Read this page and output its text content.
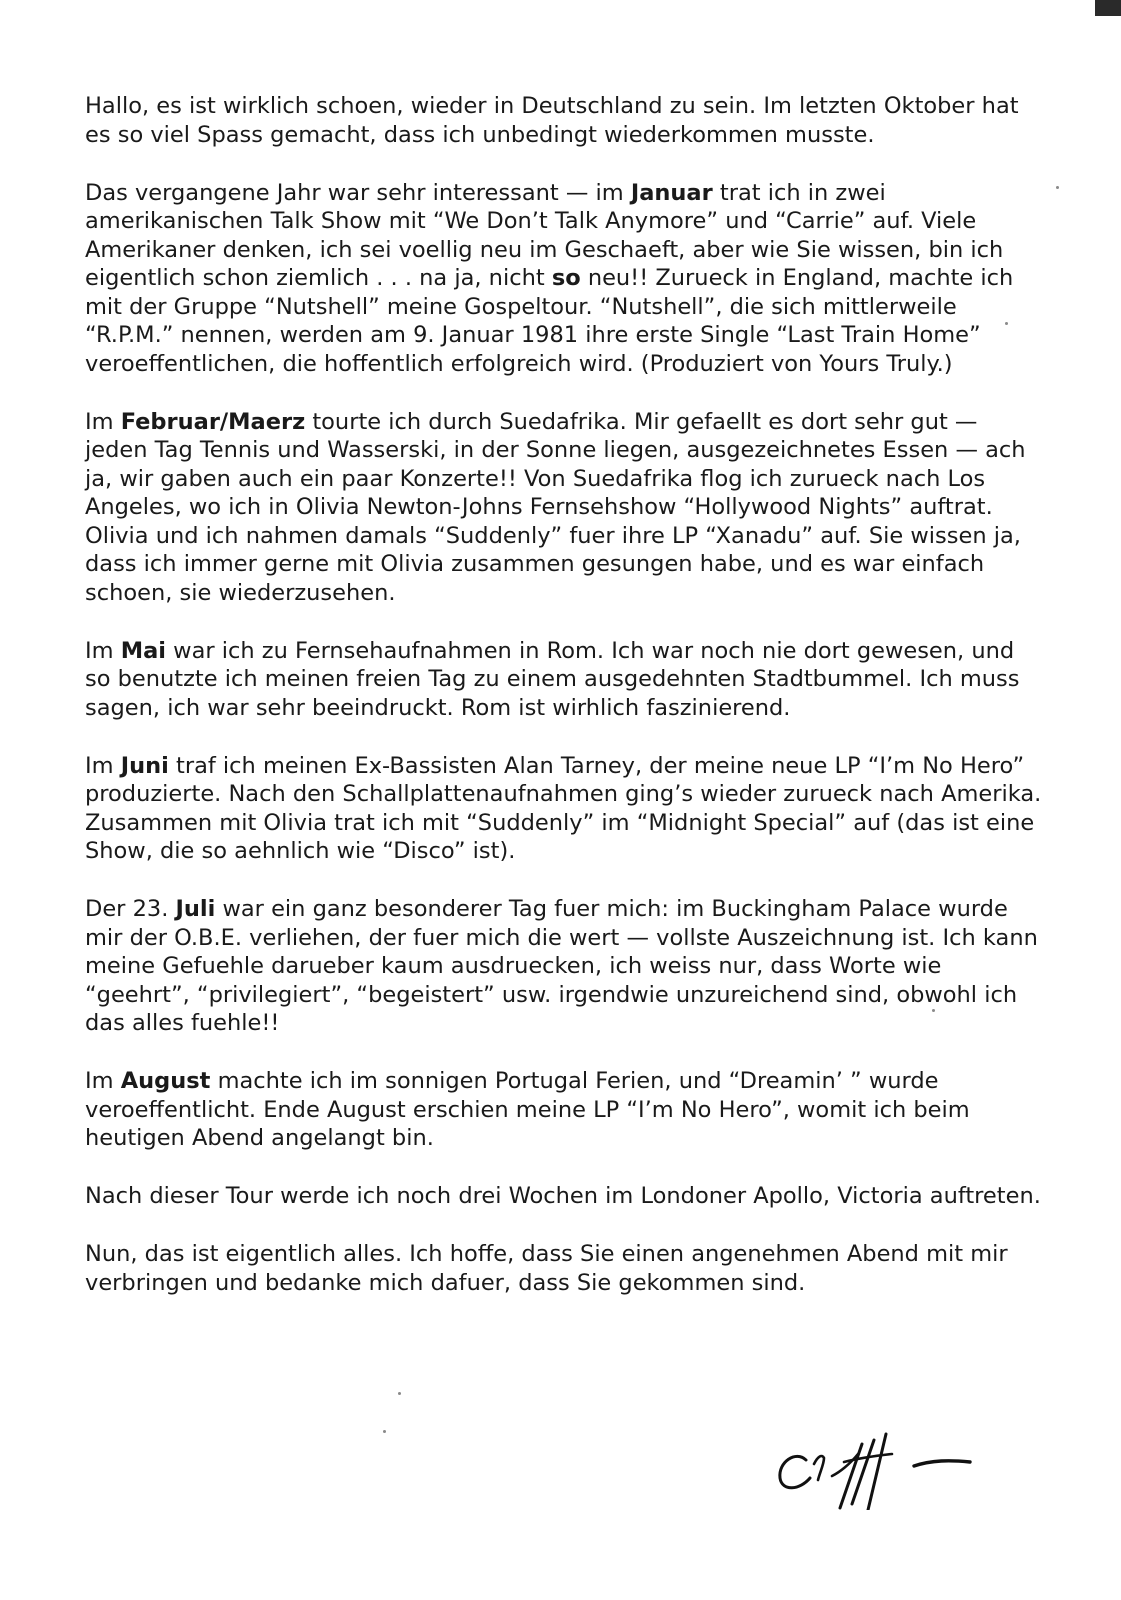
Hallo, es ist wirklich schoen, wieder in Deutschland zu sein. Im letzten Oktober hat es so viel Spass gemacht, dass ich unbedingt wiederkommen musste.

Das vergangene Jahr war sehr interessant — im Januar trat ich in zwei amerikanischen Talk Show mit “We Don’t Talk Anymore” und “Carrie” auf. Viele Amerikaner denken, ich sei voellig neu im Geschaeft, aber wie Sie wissen, bin ich eigentlich schon ziemlich . . . na ja, nicht so neu!! Zurueck in England, machte ich mit der Gruppe “Nutshell” meine Gospeltour. “Nutshell”, die sich mittlerweile “R.P.M.” nennen, werden am 9. Januar 1981 ihre erste Single “Last Train Home” veroeffentlichen, die hoffentlich erfolgreich wird. (Produziert von Yours Truly.)

Im Februar/Maerz tourte ich durch Suedafrika. Mir gefaellt es dort sehr gut — jeden Tag Tennis und Wasserski, in der Sonne liegen, ausgezeichnetes Essen — ach ja, wir gaben auch ein paar Konzerte!! Von Suedafrika flog ich zurueck nach Los Angeles, wo ich in Olivia Newton-Johns Fernsehshow “Hollywood Nights” auftrat. Olivia und ich nahmen damals “Suddenly” fuer ihre LP “Xanadu” auf. Sie wissen ja, dass ich immer gerne mit Olivia zusammen gesungen habe, und es war einfach schoen, sie wiederzusehen.

Im Mai war ich zu Fernsehaufnahmen in Rom. Ich war noch nie dort gewesen, und so benutzte ich meinen freien Tag zu einem ausgedehnten Stadtbummel. Ich muss sagen, ich war sehr beeindruckt. Rom ist wirhlich faszinierend.

Im Juni traf ich meinen Ex-Bassisten Alan Tarney, der meine neue LP “I’m No Hero” produzierte. Nach den Schallplattenaufnahmen ging’s wieder zurueck nach Amerika. Zusammen mit Olivia trat ich mit “Suddenly” im “Midnight Special” auf (das ist eine Show, die so aehnlich wie “Disco” ist).

Der 23. Juli war ein ganz besonderer Tag fuer mich: im Buckingham Palace wurde mir der O.B.E. verliehen, der fuer mich die wert — vollste Auszeichnung ist. Ich kann meine Gefuehle darueber kaum ausdruecken, ich weiss nur, dass Worte wie “geehrt”, “privilegiert”, “begeistert” usw. irgendwie unzureichend sind, obwohl ich das alles fuehle!!

Im August machte ich im sonnigen Portugal Ferien, und “Dreamin’ ” wurde veroeffentlicht. Ende August erschien meine LP “I’m No Hero”, womit ich beim heutigen Abend angelangt bin.

Nach dieser Tour werde ich noch drei Wochen im Londoner Apollo, Victoria auftreten.

Nun, das ist eigentlich alles. Ich hoffe, dass Sie einen angenehmen Abend mit mir verbringen und bedanke mich dafuer, dass Sie gekommen sind.
